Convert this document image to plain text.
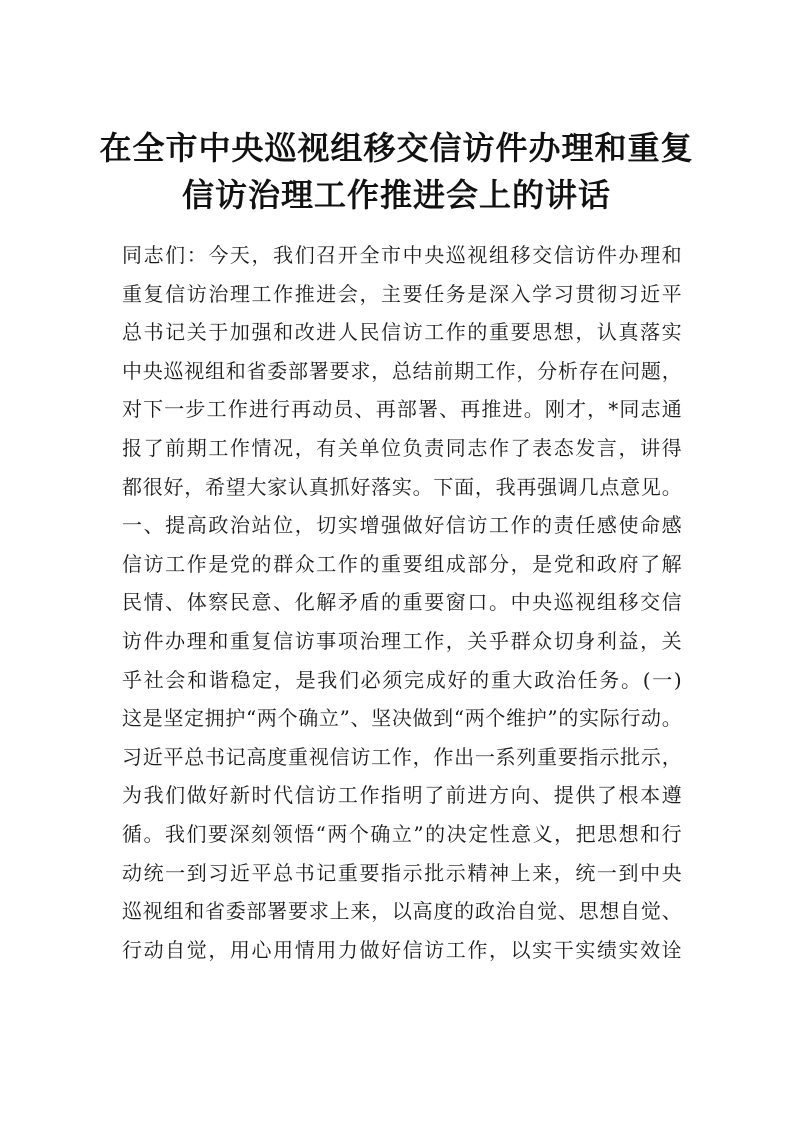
在全市中央巡视组移交信访件办理和重复
信访治理工作推进会上的讲话
同志们：今天，我们召开全市中央巡视组移交信访件办理和
重复信访治理工作推进会，主要任务是深入学习贯彻习近平
总书记关于加强和改进人民信访工作的重要思想，认真落实
中央巡视组和省委部署要求，总结前期工作，分析存在问题，
对下一步工作进行再动员、再部署、再推进。刚才，*同志通
报了前期工作情况，有关单位负责同志作了表态发言，讲得
都很好，希望大家认真抓好落实。下面，我再强调几点意见。
一、提高政治站位，切实增强做好信访工作的责任感使命感
信访工作是党的群众工作的重要组成部分，是党和政府了解
民情、体察民意、化解矛盾的重要窗口。中央巡视组移交信
访件办理和重复信访事项治理工作，关乎群众切身利益，关
乎社会和谐稳定，是我们必须完成好的重大政治任务。(一)
这是坚定拥护“两个确立”、坚决做到“两个维护”的实际行动。
习近平总书记高度重视信访工作，作出一系列重要指示批示，
为我们做好新时代信访工作指明了前进方向、提供了根本遵
循。我们要深刻领悟“两个确立”的决定性意义，把思想和行
动统一到习近平总书记重要指示批示精神上来，统一到中央
巡视组和省委部署要求上来，以高度的政治自觉、思想自觉、
行动自觉，用心用情用力做好信访工作，以实干实绩实效诠
